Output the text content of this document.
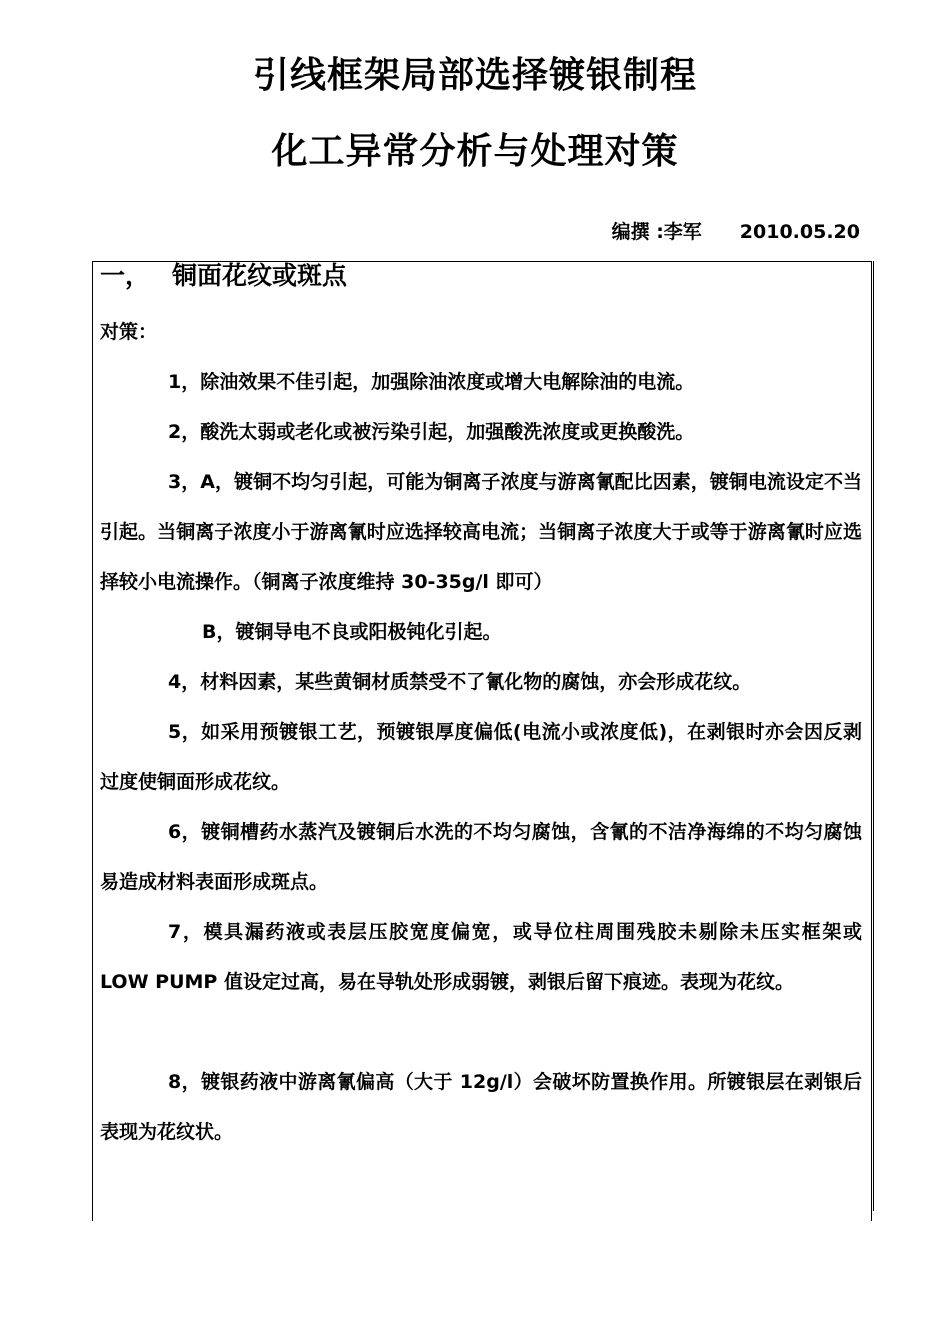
引线框架局部选择镀银制程
化工异常分析与处理对策
编撰 :李军 2010.05.20
一， 铜面花纹或斑点
对策：
1，除油效果不佳引起，加强除油浓度或增大电解除油的电流。
2，酸洗太弱或老化或被污染引起，加强酸洗浓度或更换酸洗。
3，A，镀铜不均匀引起，可能为铜离子浓度与游离氰配比因素，镀铜电流设定不当引起。当铜离子浓度小于游离氰时应选择较高电流；当铜离子浓度大于或等于游离氰时应选择较小电流操作。（铜离子浓度维持 30-35g/l 即可）
B，镀铜导电不良或阳极钝化引起。
4，材料因素，某些黄铜材质禁受不了氰化物的腐蚀，亦会形成花纹。
5，如采用预镀银工艺，预镀银厚度偏低(电流小或浓度低)，在剥银时亦会因反剥过度使铜面形成花纹。
6，镀铜槽药水蒸汽及镀铜后水洗的不均匀腐蚀，含氰的不洁净海绵的不均匀腐蚀易造成材料表面形成斑点。
7，模具漏药液或表层压胶宽度偏宽，或导位柱周围残胶未剔除未压实框架或 LOW PUMP 值设定过高，易在导轨处形成弱镀，剥银后留下痕迹。表现为花纹。
8，镀银药液中游离氰偏高（大于 12g/l）会破坏防置换作用。所镀银层在剥银后表现为花纹状。
